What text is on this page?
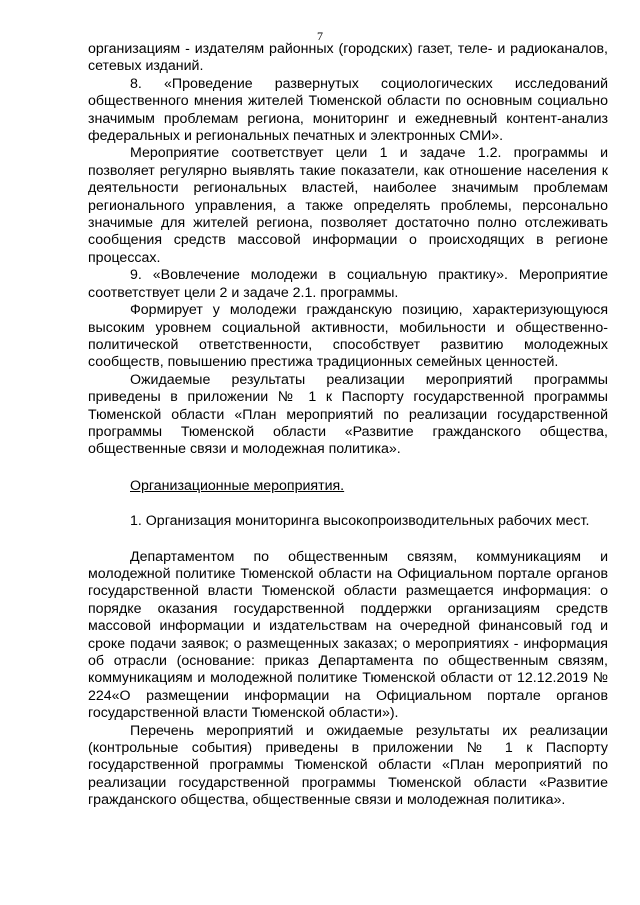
7

организациям - издателям районных (городских) газет, теле- и радиоканалов, сетевых изданий.

8. «Проведение развернутых социологических исследований общественного мнения жителей Тюменской области по основным социально значимым проблемам региона, мониторинг и ежедневный контент-анализ федеральных и региональных печатных и электронных СМИ».

Мероприятие соответствует цели 1 и задаче 1.2. программы и позволяет регулярно выявлять такие показатели, как отношение населения к деятельности региональных властей, наиболее значимым проблемам регионального управления, а также определять проблемы, персонально значимые для жителей региона, позволяет достаточно полно отслеживать сообщения средств массовой информации о происходящих в регионе процессах.

9. «Вовлечение молодежи в социальную практику». Мероприятие соответствует цели 2 и задаче 2.1. программы.

Формирует у молодежи гражданскую позицию, характеризующуюся высоким уровнем социальной активности, мобильности и общественно-политической ответственности, способствует развитию молодежных сообществ, повышению престижа традиционных семейных ценностей.

Ожидаемые результаты реализации мероприятий программы приведены в приложении № 1 к Паспорту государственной программы Тюменской области «План мероприятий по реализации государственной программы Тюменской области «Развитие гражданского общества, общественные связи и молодежная политика».

Организационные мероприятия.

1. Организация мониторинга высокопроизводительных рабочих мест.

Департаментом по общественным связям, коммуникациям и молодежной политике Тюменской области на Официальном портале органов государственной власти Тюменской области размещается информация: о порядке оказания государственной поддержки организациям средств массовой информации и издательствам на очередной финансовый год и сроке подачи заявок; о размещенных заказах; о мероприятиях - информация об отрасли (основание: приказ Департамента по общественным связям, коммуникациям и молодежной политике Тюменской области от 12.12.2019 № 224«О размещении информации на Официальном портале органов государственной власти Тюменской области»).

Перечень мероприятий и ожидаемые результаты их реализации (контрольные события) приведены в приложении № 1 к Паспорту государственной программы Тюменской области «План мероприятий по реализации государственной программы Тюменской области «Развитие гражданского общества, общественные связи и молодежная политика».
